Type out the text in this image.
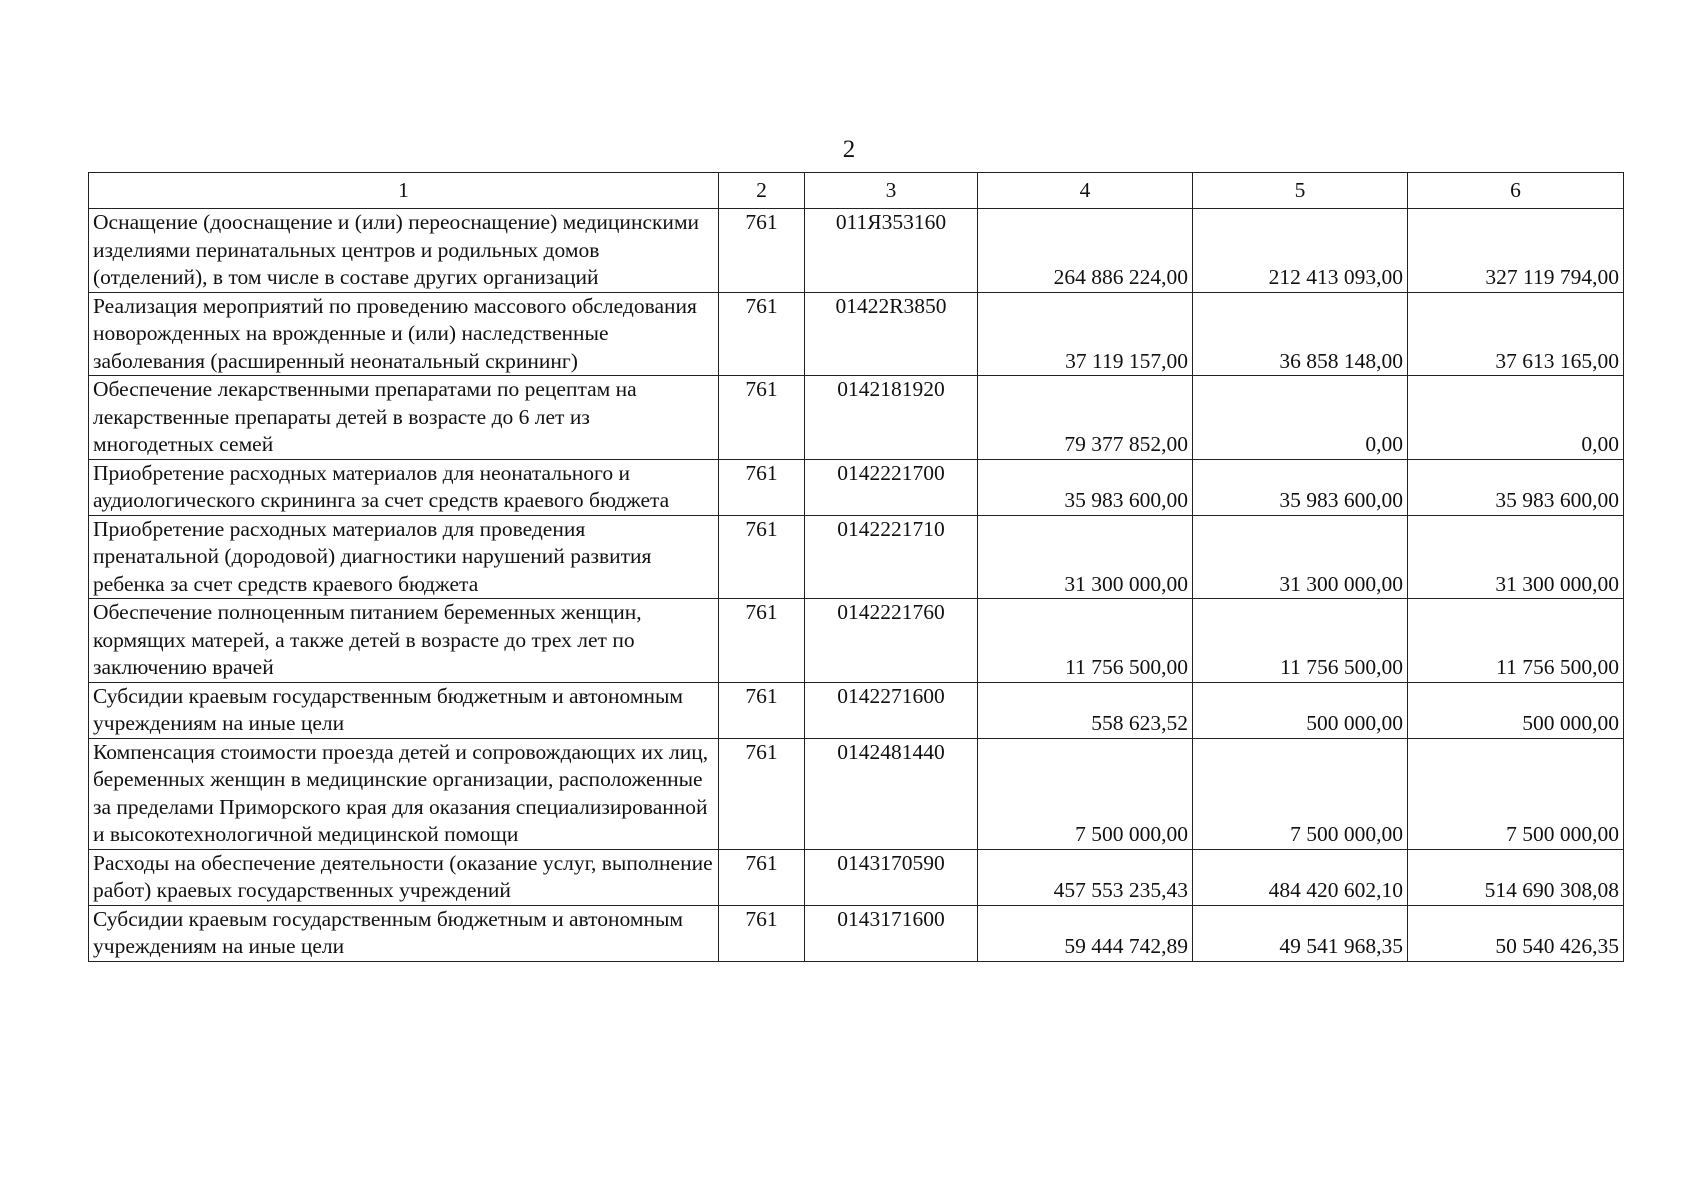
2
1	2	3	4	5	6
Оснащение (дооснащение и (или) переоснащение) медицинскими изделиями перинатальных центров и родильных домов (отделений), в том числе в составе других организаций	761	011Я353160	264 886 224,00	212 413 093,00	327 119 794,00
Реализация мероприятий по проведению массового обследования новорожденных на врожденные и (или) наследственные заболевания (расширенный неонатальный скрининг)	761	01422R3850	37 119 157,00	36 858 148,00	37 613 165,00
Обеспечение лекарственными препаратами по рецептам на лекарственные препараты детей в возрасте до 6 лет из многодетных семей	761	0142181920	79 377 852,00	0,00	0,00
Приобретение расходных материалов для неонатального и аудиологического скрининга за счет средств краевого бюджета	761	0142221700	35 983 600,00	35 983 600,00	35 983 600,00
Приобретение расходных материалов для проведения пренатальной (дородовой) диагностики нарушений развития ребенка за счет средств краевого бюджета	761	0142221710	31 300 000,00	31 300 000,00	31 300 000,00
Обеспечение полноценным питанием беременных женщин, кормящих матерей, а также детей в возрасте до трех лет по заключению врачей	761	0142221760	11 756 500,00	11 756 500,00	11 756 500,00
Субсидии краевым государственным бюджетным и автономным учреждениям на иные цели	761	0142271600	558 623,52	500 000,00	500 000,00
Компенсация стоимости проезда детей и сопровождающих их лиц, беременных женщин в медицинские организации, расположенные за пределами Приморского края для оказания специализированной и высокотехнологичной медицинской помощи	761	0142481440	7 500 000,00	7 500 000,00	7 500 000,00
Расходы на обеспечение деятельности (оказание услуг, выполнение работ) краевых государственных учреждений	761	0143170590	457 553 235,43	484 420 602,10	514 690 308,08
Субсидии краевым государственным бюджетным и автономным учреждениям на иные цели	761	0143171600	59 444 742,89	49 541 968,35	50 540 426,35
